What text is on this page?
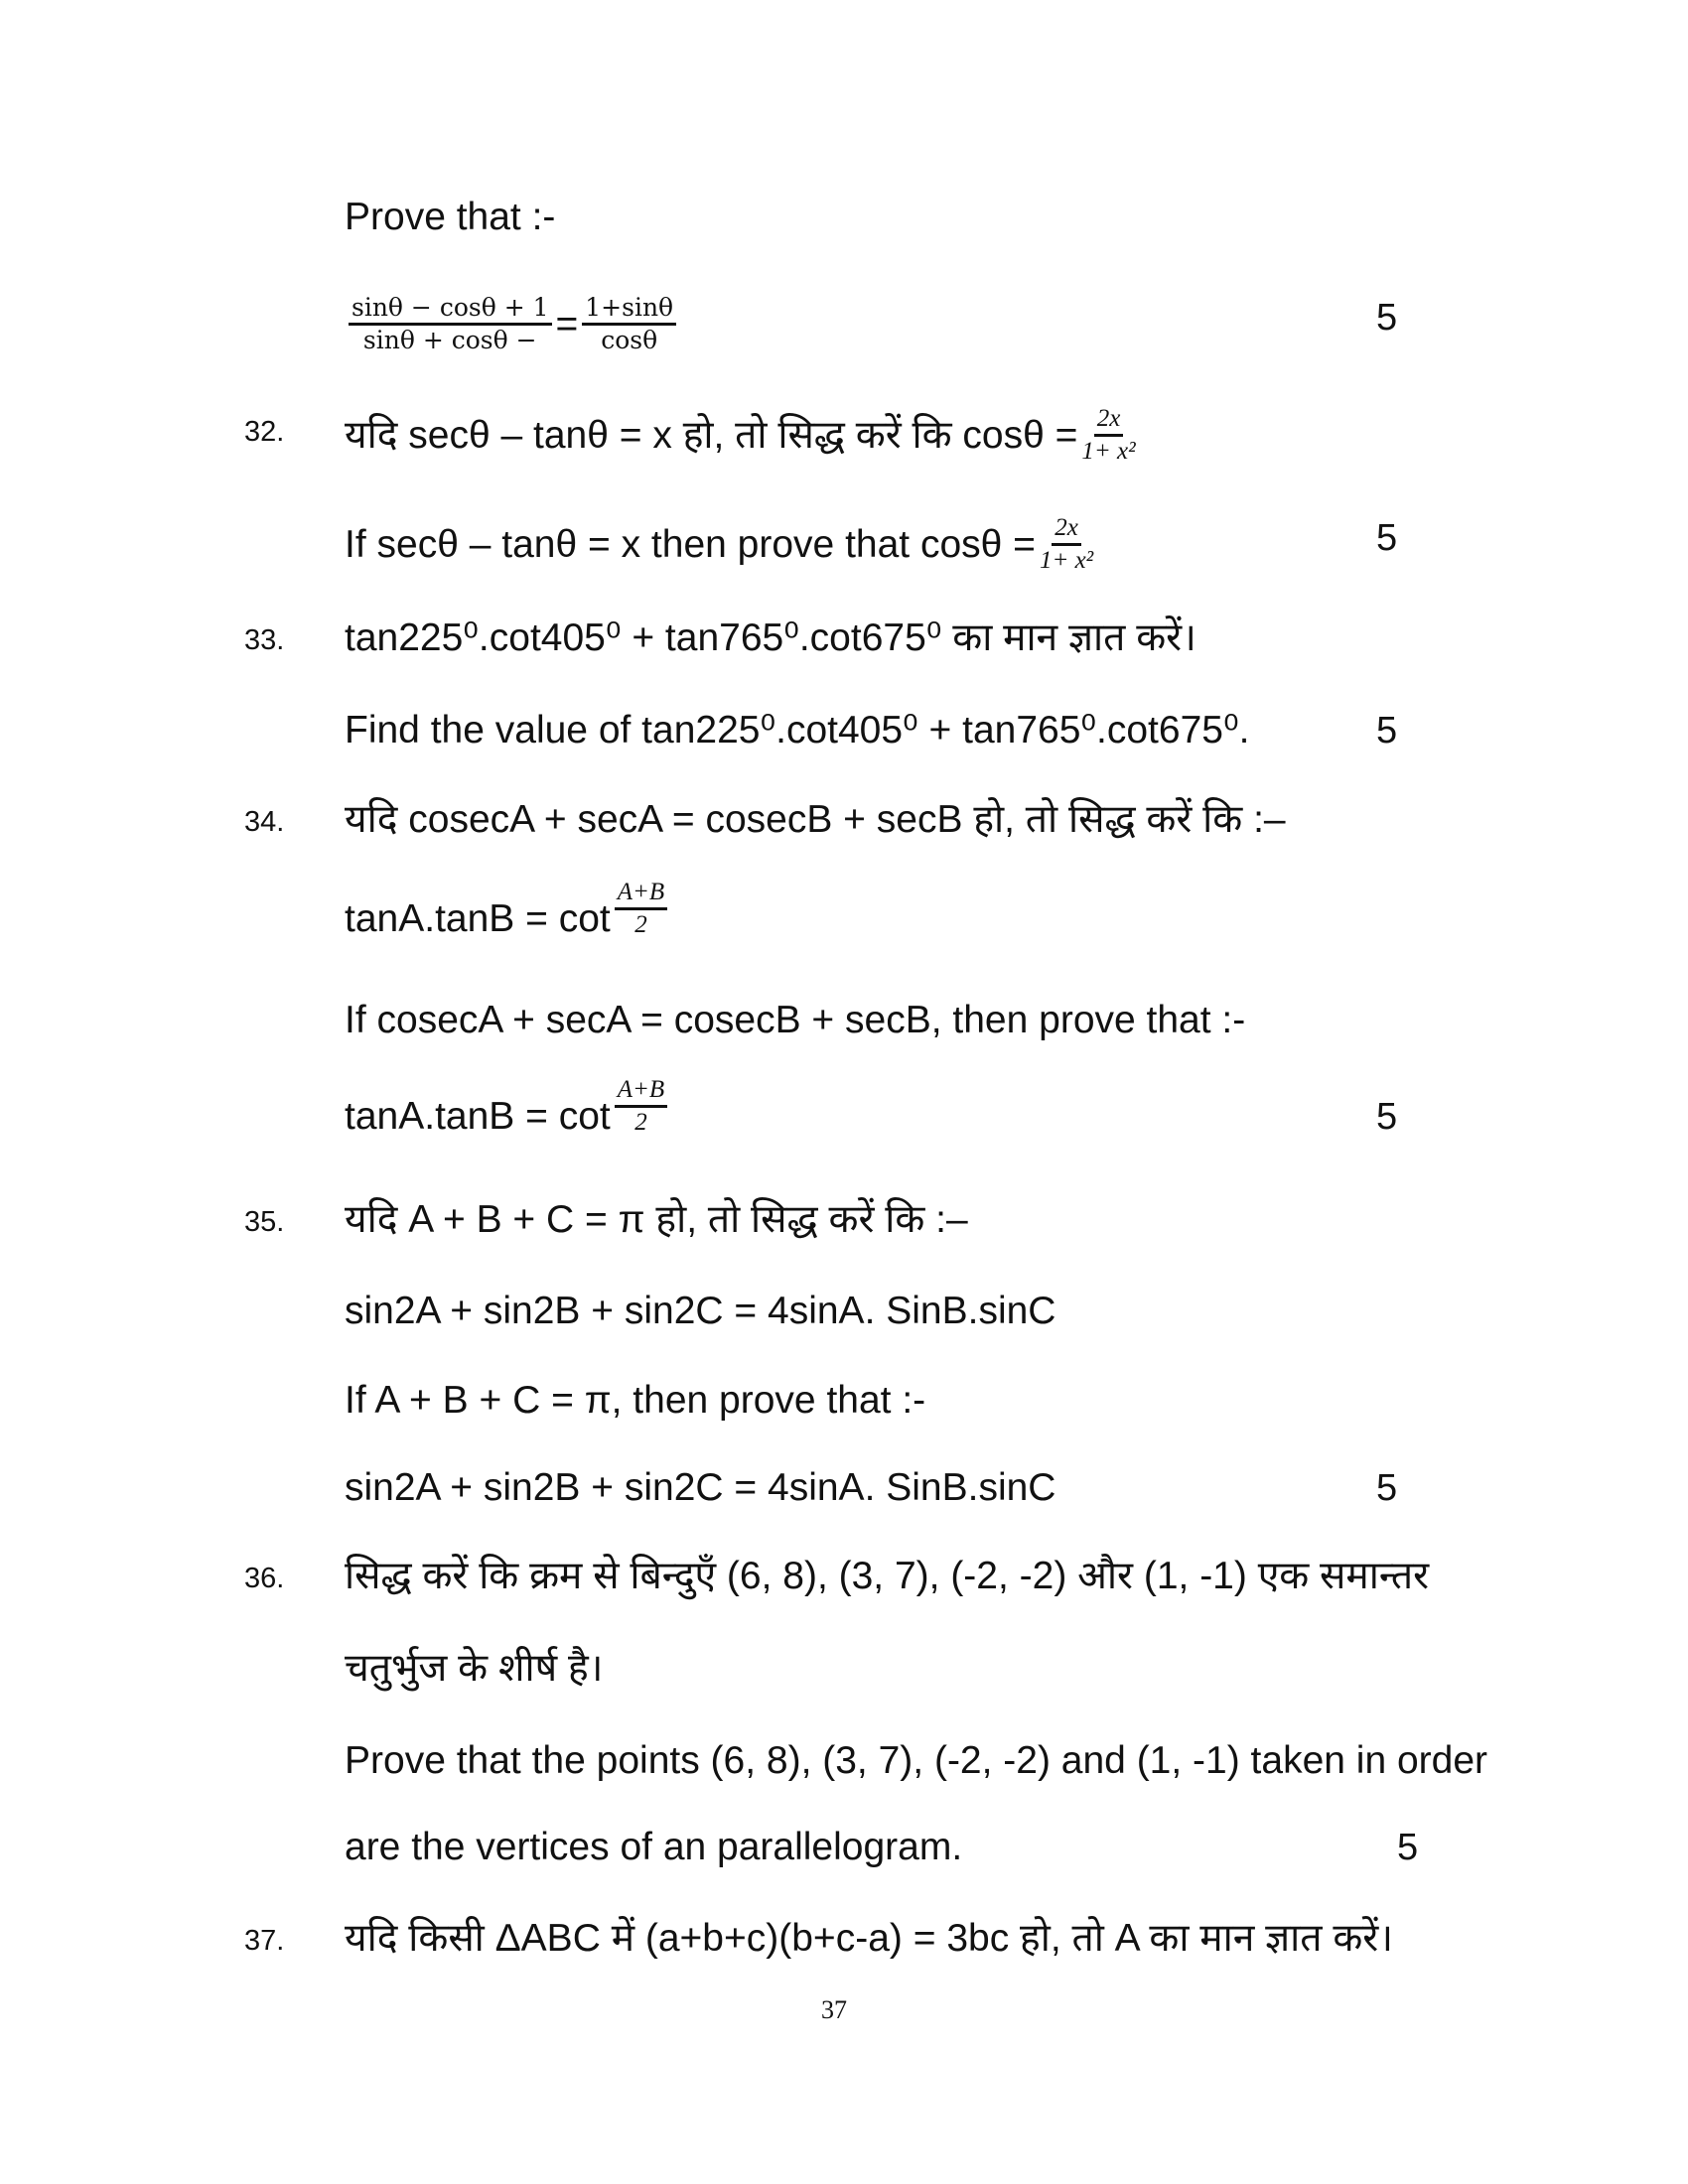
Prove that :-
$\frac{\sin\theta - \cos\theta + 1}{\sin\theta + \cos\theta -} = \frac{1+\sin\theta}{\cos\theta}$	5
32. यदि secθ – tanθ = x हो, तो सिद्ध करें कि $\cos\theta = \frac{2x}{\text{1+ x²}}$
If secθ – tanθ = x then prove that $\cos\theta = \frac{2x}{\text{1+ x²}}$	5
33. tan225⁰.cot405⁰ + tan765⁰.cot675⁰ का मान ज्ञात करें।
Find the value of tan225⁰.cot405⁰ + tan765⁰.cot675⁰.	5
34. यदि cosecA + secA = cosecB + secB हो, तो सिद्ध करें कि :–
$\tan A.\tan B = \cot \frac{A+B}{2}$
If cosecA + secA = cosecB + secB, then prove that :-
$\tan A.\tan B = \cot \frac{A+B}{2}$	5
35. यदि A + B + C = π हो, तो सिद्ध करें कि :–
sin2A + sin2B + sin2C = 4sinA. SinB.sinC
If A + B + C = π, then prove that :-
sin2A + sin2B + sin2C = 4sinA. SinB.sinC	5
36. सिद्ध करें कि क्रम से बिन्दुएँ (6, 8), (3, 7), (-2, -2) और (1, -1) एक समान्तर
चतुर्भुज के शीर्ष है।
Prove that the points (6, 8), (3, 7), (-2, -2) and (1, -1) taken in order
are the vertices of an parallelogram.	5
37. यदि किसी ΔABC में (a+b+c)(b+c-a) = 3bc हो, तो A का मान ज्ञात करें।
37
